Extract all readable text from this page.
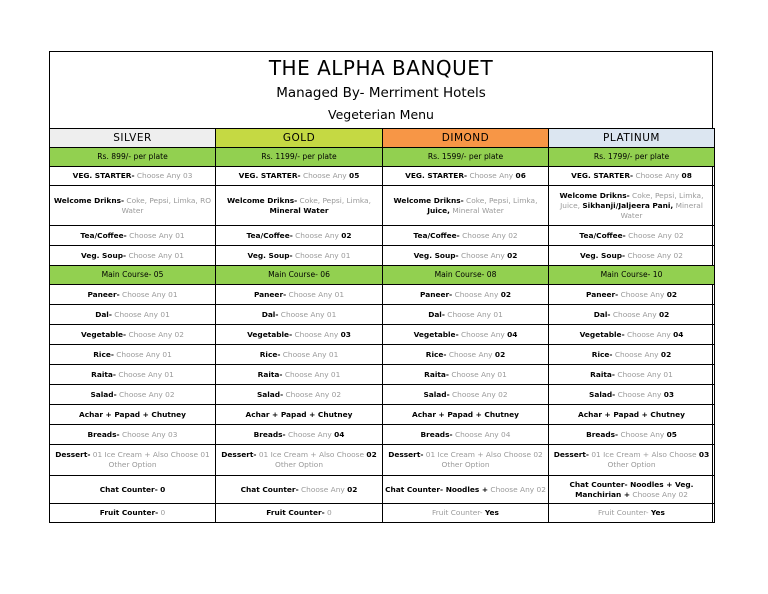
THE ALPHA BANQUET
Managed By- Merriment Hotels
Vegeterian Menu
SILVER	GOLD	DIMOND	PLATINUM
Rs. 899/- per plate	Rs. 1199/- per plate	Rs. 1599/- per plate	Rs. 1799/- per plate
VEG. STARTER- Choose Any 03	VEG. STARTER- Choose Any 05	VEG. STARTER- Choose Any 06	VEG. STARTER- Choose Any 08
Welcome Drikns- Coke, Pepsi, Limka, RO Water	Welcome Drikns- Coke, Pepsi, Limka, Mineral Water	Welcome Drikns- Coke, Pepsi, Limka, Juice, Mineral Water	Welcome Drikns- Coke, Pepsi, Limka, Juice, Sikhanji/Jaljeera Pani, Mineral Water
Tea/Coffee- Choose Any 01	Tea/Coffee- Choose Any 02	Tea/Coffee- Choose Any 02	Tea/Coffee- Choose Any 02
Veg. Soup- Choose Any 01	Veg. Soup- Choose Any 01	Veg. Soup- Choose Any 02	Veg. Soup- Choose Any 02
Main Course- 05	Main Course- 06	Main Course- 08	Main Course- 10
Paneer- Choose Any 01	Paneer- Choose Any 01	Paneer- Choose Any 02	Paneer- Choose Any 02
Dal- Choose Any 01	Dal- Choose Any 01	Dal- Choose Any 01	Dal- Choose Any 02
Vegetable- Choose Any 02	Vegetable- Choose Any 03	Vegetable- Choose Any 04	Vegetable- Choose Any 04
Rice- Choose Any 01	Rice- Choose Any 01	Rice- Choose Any 02	Rice- Choose Any 02
Raita- Choose Any 01	Raita- Choose Any 01	Raita- Choose Any 01	Raita- Choose Any 01
Salad- Choose Any 02	Salad- Choose Any 02	Salad- Choose Any 02	Salad- Choose Any 03
Achar + Papad + Chutney	Achar + Papad + Chutney	Achar + Papad + Chutney	Achar + Papad + Chutney
Breads- Choose Any 03	Breads- Choose Any 04	Breads- Choose Any 04	Breads- Choose Any 05
Dessert- 01 Ice Cream + Also Choose 01 Other Option	Dessert- 01 Ice Cream + Also Choose 02 Other Option	Dessert- 01 Ice Cream + Also Choose 02 Other Option	Dessert- 01 Ice Cream + Also Choose 03 Other Option
Chat Counter- 0	Chat Counter- Choose Any 02	Chat Counter- Noodles + Choose Any 02	Chat Counter- Noodles + Veg. Manchirian + Choose Any 02
Fruit Counter- 0	Fruit Counter- 0	Fruit Counter- Yes	Fruit Counter- Yes
